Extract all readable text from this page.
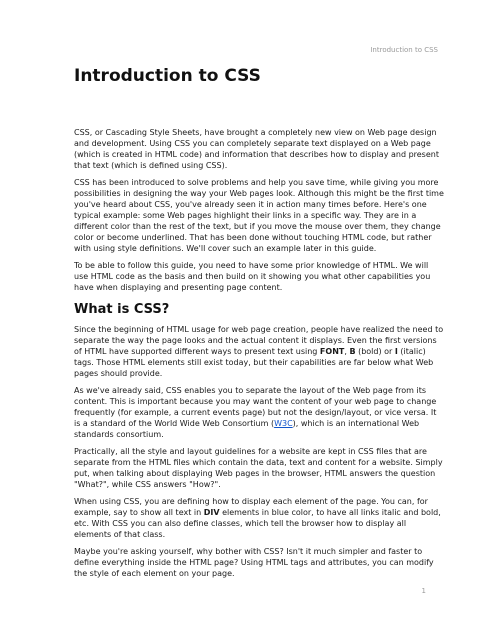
Introduction to CSS
Introduction to CSS

CSS, or Cascading Style Sheets, have brought a completely new view on Web page design and development. Using CSS you can completely separate text displayed on a Web page (which is created in HTML code) and information that describes how to display and present that text (which is defined using CSS).

CSS has been introduced to solve problems and help you save time, while giving you more possibilities in designing the way your Web pages look. Although this might be the first time you've heard about CSS, you've already seen it in action many times before. Here's one typical example: some Web pages highlight their links in a specific way. They are in a different color than the rest of the text, but if you move the mouse over them, they change color or become underlined. That has been done without touching HTML code, but rather with using style definitions. We'll cover such an example later in this guide.

To be able to follow this guide, you need to have some prior knowledge of HTML. We will use HTML code as the basis and then build on it showing you what other capabilities you have when displaying and presenting page content.

What is CSS?

Since the beginning of HTML usage for web page creation, people have realized the need to separate the way the page looks and the actual content it displays. Even the first versions of HTML have supported different ways to present text using FONT, B (bold) or I (italic) tags. Those HTML elements still exist today, but their capabilities are far below what Web pages should provide.

As we've already said, CSS enables you to separate the layout of the Web page from its content. This is important because you may want the content of your web page to change frequently (for example, a current events page) but not the design/layout, or vice versa. It is a standard of the World Wide Web Consortium (W3C), which is an international Web standards consortium.

Practically, all the style and layout guidelines for a website are kept in CSS files that are separate from the HTML files which contain the data, text and content for a website. Simply put, when talking about displaying Web pages in the browser, HTML answers the question "What?", while CSS answers "How?".

When using CSS, you are defining how to display each element of the page. You can, for example, say to show all text in DIV elements in blue color, to have all links italic and bold, etc. With CSS you can also define classes, which tell the browser how to display all elements of that class.

Maybe you're asking yourself, why bother with CSS? Isn't it much simpler and faster to define everything inside the HTML page? Using HTML tags and attributes, you can modify the style of each element on your page.

1
